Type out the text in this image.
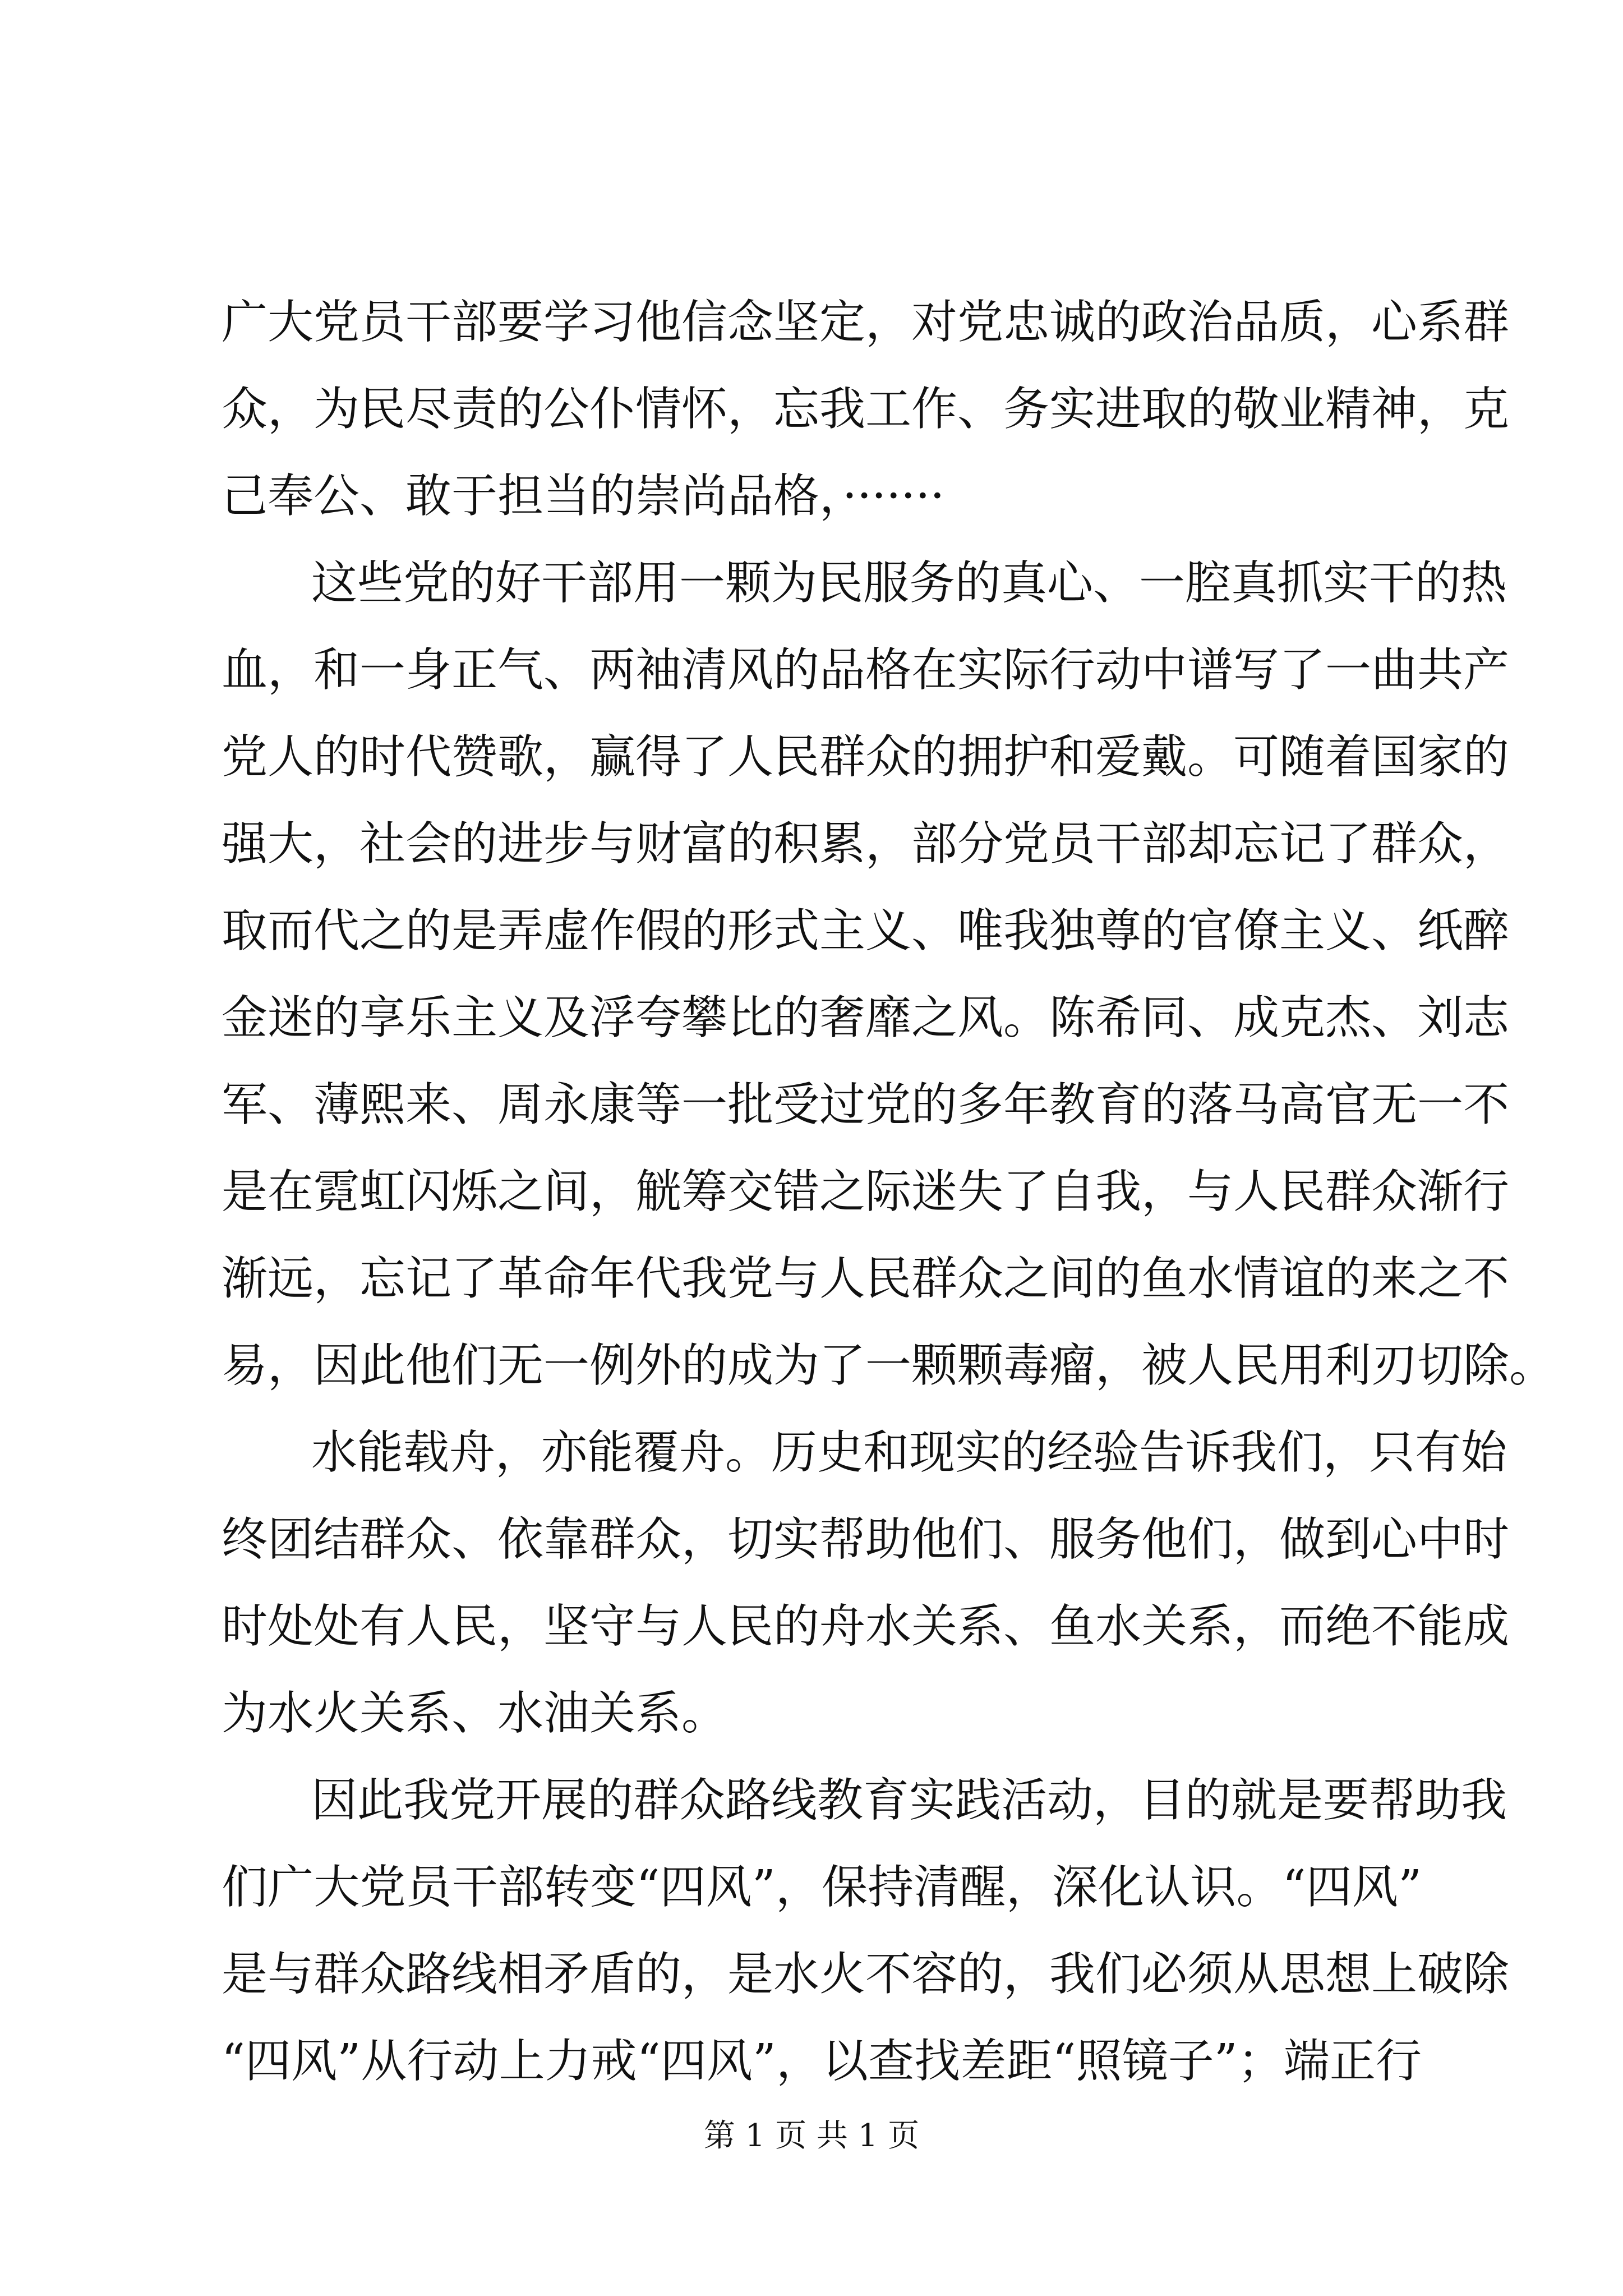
广大党员干部要学习他信念坚定，对党忠诚的政治品质，心系群
众，为民尽责的公仆情怀，忘我工作、务实进取的敬业精神，克
己奉公、敢于担当的崇尚品格，·······
这些党的好干部用一颗为民服务的真心、一腔真抓实干的热
血，和一身正气、两袖清风的品格在实际行动中谱写了一曲共产
党人的时代赞歌，赢得了人民群众的拥护和爱戴。可随着国家的
强大，社会的进步与财富的积累，部分党员干部却忘记了群众，
取而代之的是弄虚作假的形式主义、唯我独尊的官僚主义、纸醉
金迷的享乐主义及浮夸攀比的奢靡之风。陈希同、成克杰、刘志
军、薄熙来、周永康等一批受过党的多年教育的落马高官无一不
是在霓虹闪烁之间，觥筹交错之际迷失了自我，与人民群众渐行
渐远，忘记了革命年代我党与人民群众之间的鱼水情谊的来之不
易，因此他们无一例外的成为了一颗颗毒瘤，被人民用利刃切除。
水能载舟，亦能覆舟。历史和现实的经验告诉我们，只有始
终团结群众、依靠群众，切实帮助他们、服务他们，做到心中时
时处处有人民，坚守与人民的舟水关系、鱼水关系，而绝不能成
为水火关系、水油关系。
因此我党开展的群众路线教育实践活动，目的就是要帮助我
们广大党员干部转变“四风”，保持清醒，深化认识。“四风”
是与群众路线相矛盾的，是水火不容的，我们必须从思想上破除
“四风”从行动上力戒“四风”，以查找差距“照镜子”；端正行
第 1 页 共 1 页
